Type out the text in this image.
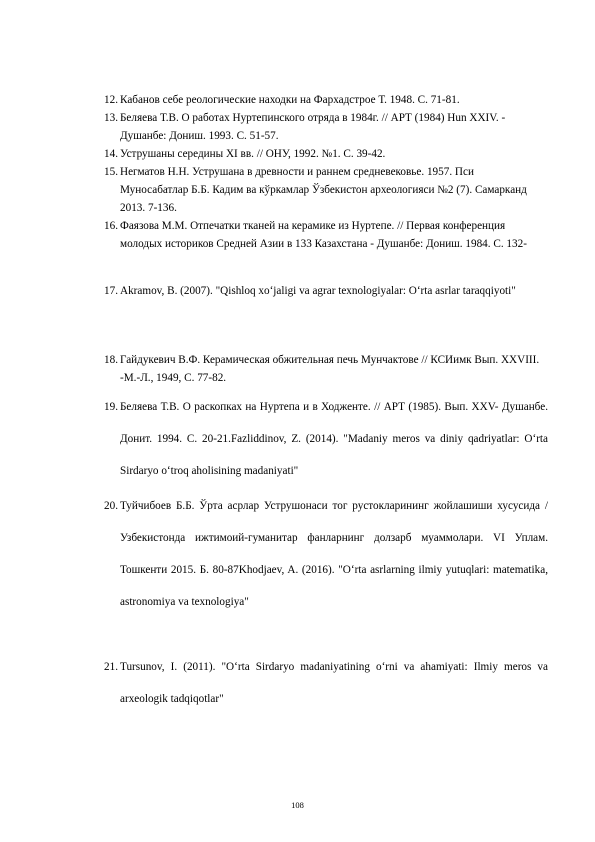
12. Кабанов себе реологические находки на Фархадстрое Т. 1948. С. 71-81.
13. Беляева Т.В. О работах Нуртепинского отряда в 1984г. // АРТ (1984) Hun XXIV. - Душанбе: Дониш. 1993. С. 51-57.
14. Уструшаны середины XI вв. // ОНУ, 1992. №1. С. 39-42.
15. Негматов Н.Н. Уструшана в древности и раннем средневековье. 1957. Пси Муносабатлар Б.Б. Кадим ва кўркамлар Ўзбекистон археологияси №2 (7). Самарканд 2013. 7-136.
16. Фаязова М.М. Отпечатки тканей на керамике из Нуртепе. // Первая конференция молодых историков Средней Азии в 133 Казахстана - Душанбе: Дониш. 1984. С. 132-
17. Akramov, B. (2007). "Qishloq xo‘jaligi va agrar texnologiyalar: O‘rta asrlar taraqqiyoti"
18. Гайдукевич В.Ф. Керамическая обжительная печь Мунчактове // КСИимк Вып. XXVIII. -М.-Л., 1949, С. 77-82.
19. Беляева Т.В. О раскопках на Нуртепа и в Ходженте. // АРТ (1985). Вып. XXV- Душанбе. Донит. 1994. С. 20-21.Fazliddinov, Z. (2014). "Madaniy meros va diniy qadriyatlar: O‘rta Sirdaryo o‘troq aholisining madaniyati"
20. Туйчибоев Б.Б. Ўрта асрлар Уструшонаси тог рустокларининг жойлашиши хусусида / Узбекистонда ижтимоий-гуманитар фанларнинг долзарб муаммолари. VI Уплам. Тошкенти 2015. Б. 80-87Khodjaev, A. (2016). "O‘rta asrlarning ilmiy yutuqlari: matematika, astronomiya va texnologiya"
21. Tursunov, I. (2011). "O‘rta Sirdaryo madaniyatining o‘rni va ahamiyati: Ilmiy meros va arxeologik tadqiqotlar"
108
